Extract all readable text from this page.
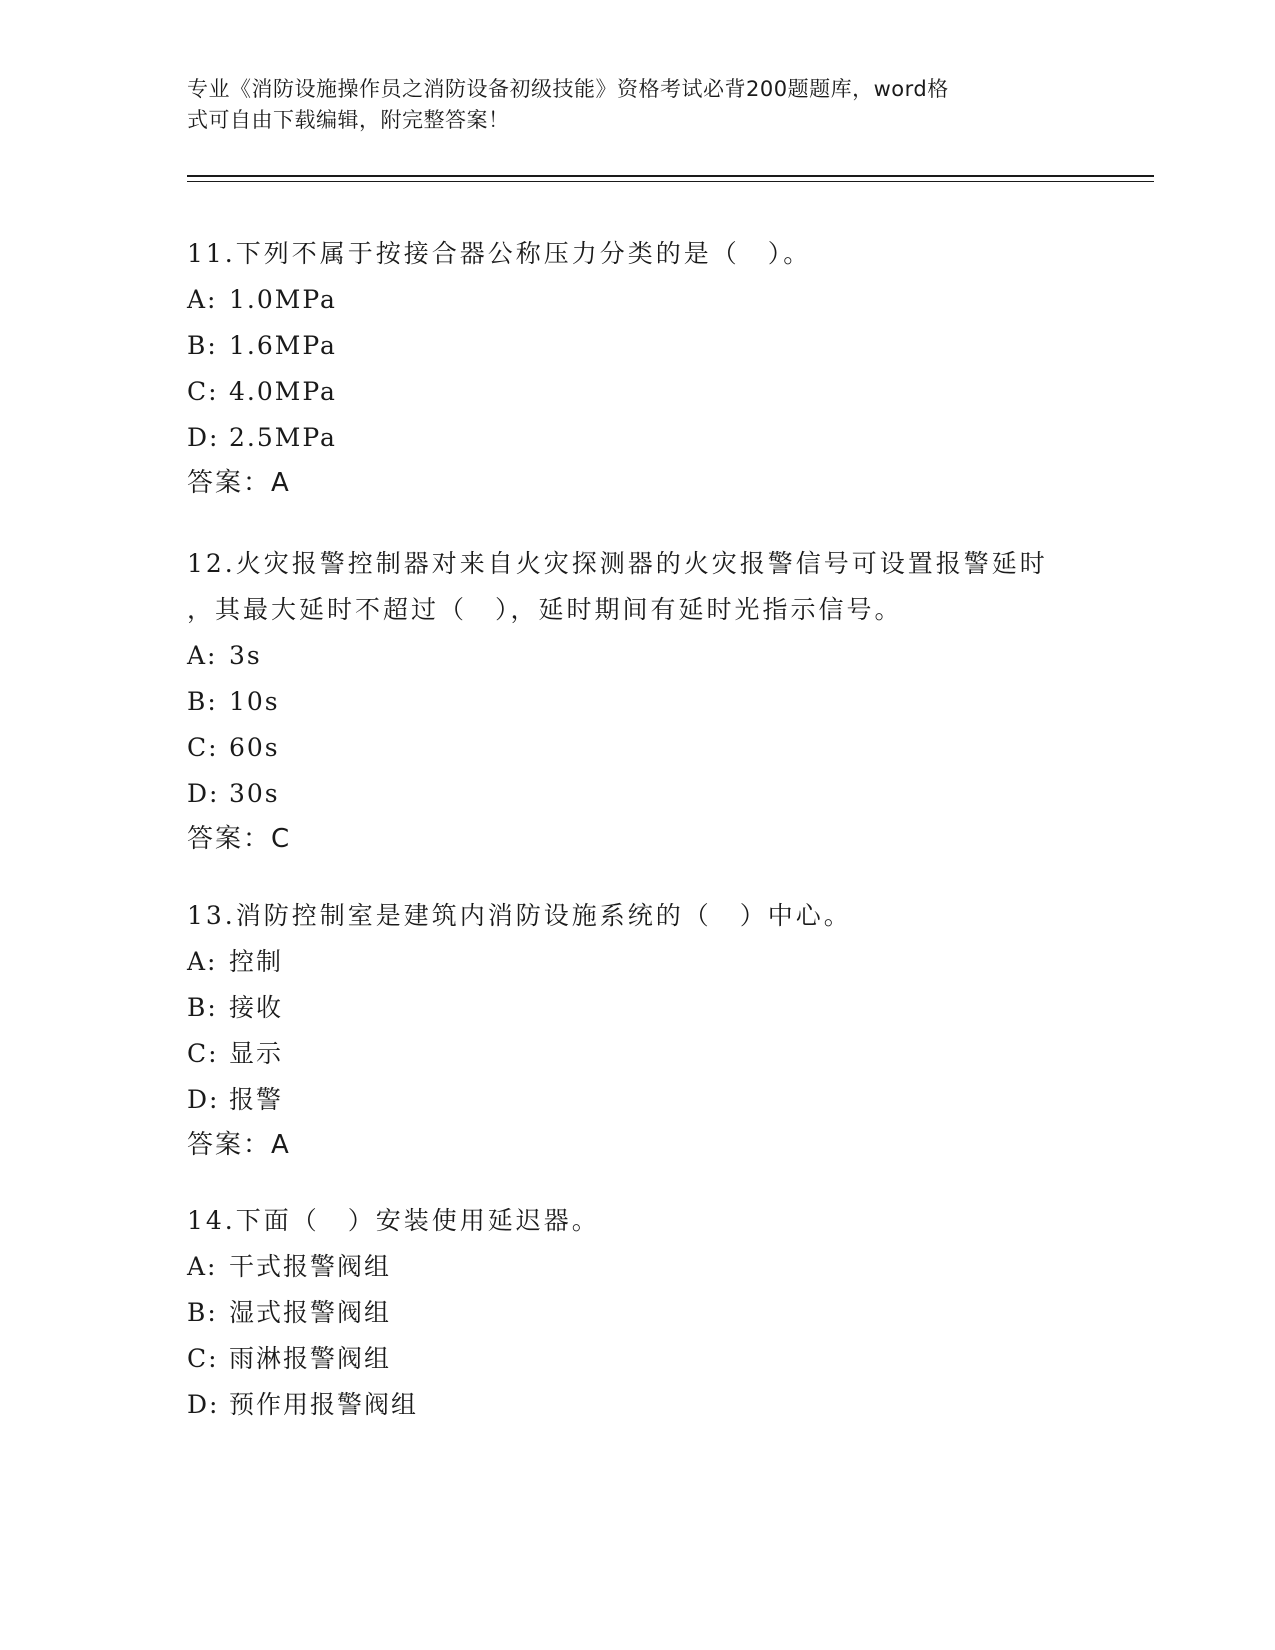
专业《消防设施操作员之消防设备初级技能》资格考试必背200题题库，word格
式可自由下载编辑，附完整答案！
11.下列不属于按接合器公称压力分类的是（　）。
A: 1.0MPa
B: 1.6MPa
C: 4.0MPa
D: 2.5MPa
答案：A
12.火灾报警控制器对来自火灾探测器的火灾报警信号可设置报警延时
，其最大延时不超过（　），延时期间有延时光指示信号。
A: 3s
B: 10s
C: 60s
D: 30s
答案：C
13.消防控制室是建筑内消防设施系统的（　）中心。
A: 控制
B: 接收
C: 显示
D: 报警
答案：A
14.下面（　）安装使用延迟器。
A: 干式报警阀组
B: 湿式报警阀组
C: 雨淋报警阀组
D: 预作用报警阀组
